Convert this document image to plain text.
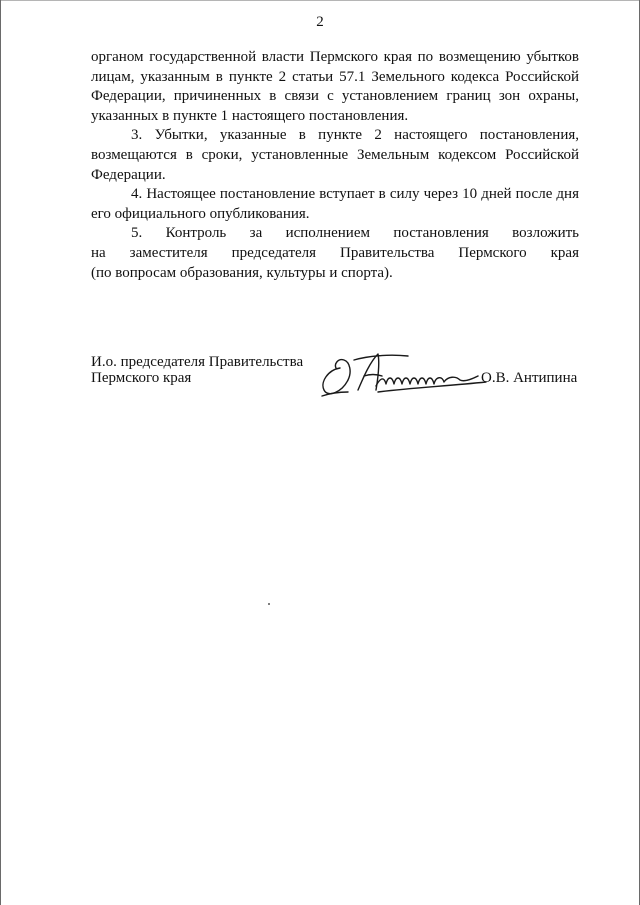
2

органом государственной власти Пермского края по возмещению убытков лицам, указанным в пункте 2 статьи 57.1 Земельного кодекса Российской Федерации, причиненных в связи с установлением границ зон охраны, указанных в пункте 1 настоящего постановления.

3. Убытки, указанные в пункте 2 настоящего постановления, возмещаются в сроки, установленные Земельным кодексом Российской Федерации.

4. Настоящее постановление вступает в силу через 10 дней после дня его официального опубликования.

5. Контроль за исполнением постановления возложить

на заместителя председателя Правительства Пермского края

(по вопросам образования, культуры и спорта).

И.о. председателя Правительства
Пермского края	О.В. Антипина
